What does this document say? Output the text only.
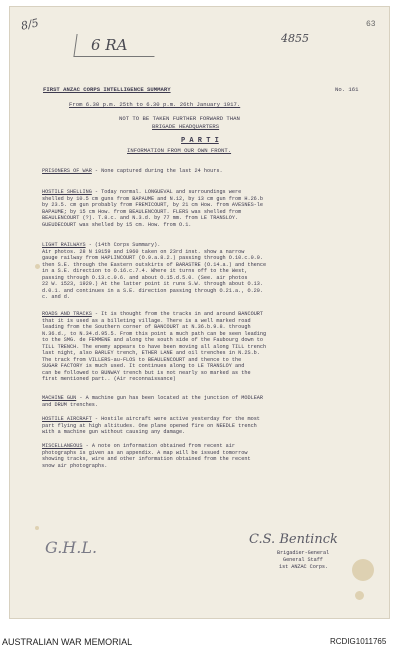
8/5
6 RA	4855
63
FIRST ANZAC CORPS INTELLIGENCE SUMMARY	No. 161
From 6.30 p.m. 25th to 6.30 p.m. 26th January 1917.
NOT TO BE TAKEN FURTHER FORWARD THAN
BRIGADE HEADQUARTERS
P A R T I
INFORMATION FROM OUR OWN FRONT.
PRISONERS OF WAR - None captured during the last 24 hours.
HOSTILE SHELLING - Today normal. LONGUEVAL and surroundings were
shelled by 10.5 cm guns from BAPAUME and N.12, by 13 cm gun from H.26.b
by 23.5. cm gun probably from FREMICOURT, by 21 cm How. from AVESNES-le
BAPAUME; by 15 cm How. from BEAULENCOURT. FLERS was shelled from
BEAULENCOURT (?). T.8.c. and N.3.d. by 77 mm. from LE TRANSLOY.
GUEUDECOURT was shelled by 15 cm. How. from O.1.
LIGHT RAILWAYS - (14th Corps Summary).
Air photos. 28 N 19159 and 1960 taken on 23rd inst. show a narrow
gauge railway from HAPLINCOURT (O.9.a.8.2.) passing through O.10.c.0.0.
then S.E. through the Eastern outskirts of BARASTRE (O.14.a.) and thence
in a S.E. direction to O.16.c.7.4. Where it turns off to the West,
passing through O.13.c.0.6. and about O.15.d.5.0. (See. air photos
22 W. 1523, 1929.) At the latter point it runs S.W. through about O.13.
d.0.1. and continues in a S.E. direction passing through O.21.a., O.20.
c. and d.
ROADS AND TRACKS - It is thought from the tracks in and around BANCOURT
that it is used as a billeting village. There is a well marked road
leading from the Southern corner of BANCOURT at N.36.b.9.8. through
N.36.d., to N.34.d.95.5. From this point a much path can be seen leading
to the SMG. de FEMMENE and along the south side of the Faubourg down to
TILL TRENCH. The enemy appears to have been moving all along TILL trench
last night, also BARLEY trench, ETHER LANE and oil trenches in N.2S.b.
The track from VILLERS-au-FLOS to BEAULENCOURT and thence to the
SUGAR FACTORY is much used. It continues along to LE TRANSLOY and
can be followed to BUNWAY trench but is not nearly so marked as the
first mentioned part.. (Air reconnaissance)
MACHINE GUN - A machine gun has been located at the junction of MODLEAR
and DRUM trenches.
HOSTILE AIRCRAFT - Hostile aircraft were active yesterday for the most
part flying at high altitudes. One plane opened fire on NEEDLE trench
with a machine gun without causing any damage.
MISCELLANEOUS - A note on information obtained from recent air
photographs is given as an appendix. A map will be issued tomorrow
showing tracks, wire and other information obtained from the recent
snow air photographs.
G.H.L.	C.S. Bentinck
Brigadier-General
General Staff
1st ANZAC Corps.
AUSTRALIAN WAR MEMORIAL	RCDIG1011765
